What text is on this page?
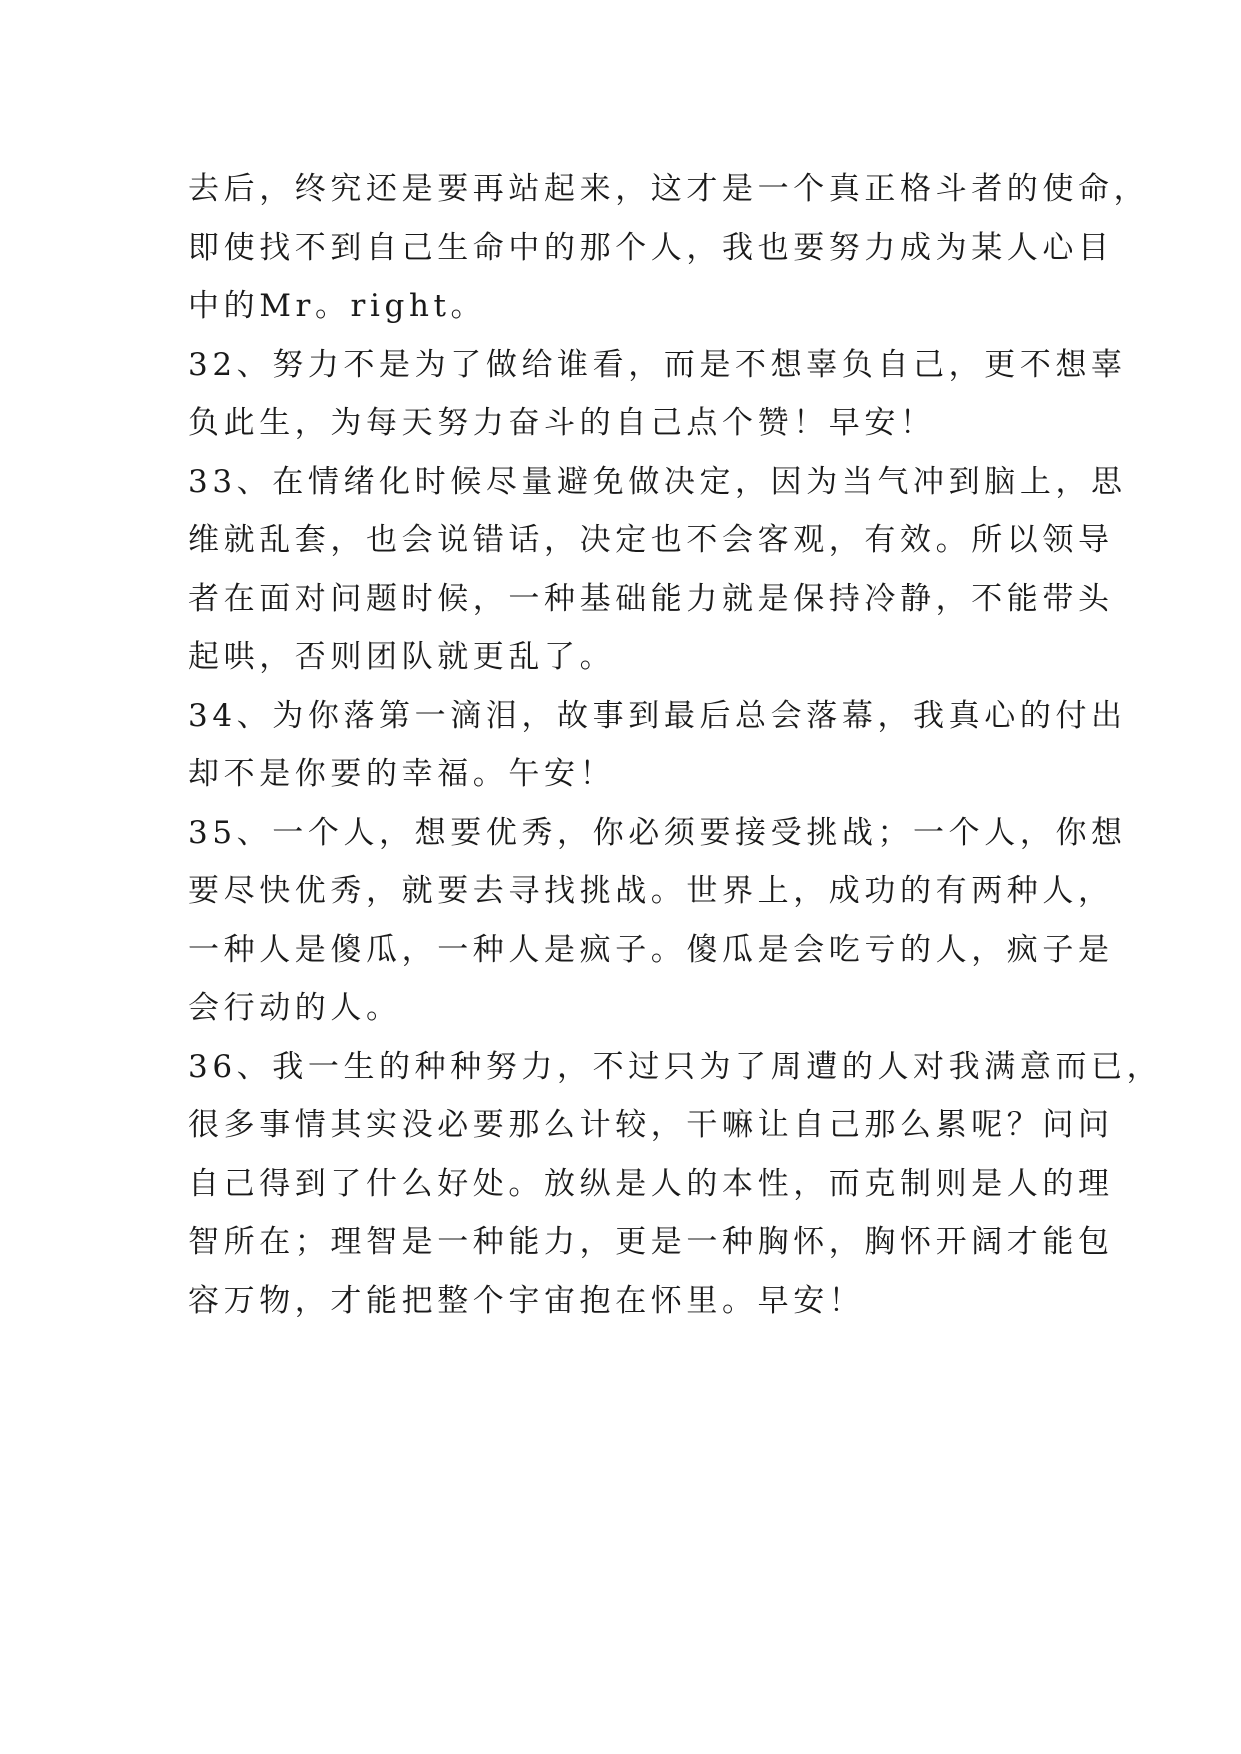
去后，终究还是要再站起来，这才是一个真正格斗者的使命，
即使找不到自己生命中的那个人，我也要努力成为某人心目
中的Mr。right。
32、努力不是为了做给谁看，而是不想辜负自己，更不想辜
负此生，为每天努力奋斗的自己点个赞！早安！
33、在情绪化时候尽量避免做决定，因为当气冲到脑上，思
维就乱套，也会说错话，决定也不会客观，有效。所以领导
者在面对问题时候，一种基础能力就是保持冷静，不能带头
起哄，否则团队就更乱了。
34、为你落第一滴泪，故事到最后总会落幕，我真心的付出
却不是你要的幸福。午安！
35、一个人，想要优秀，你必须要接受挑战；一个人，你想
要尽快优秀，就要去寻找挑战。世界上，成功的有两种人，
一种人是傻瓜，一种人是疯子。傻瓜是会吃亏的人，疯子是
会行动的人。
36、我一生的种种努力，不过只为了周遭的人对我满意而已，
很多事情其实没必要那么计较，干嘛让自己那么累呢？问问
自己得到了什么好处。放纵是人的本性，而克制则是人的理
智所在；理智是一种能力，更是一种胸怀，胸怀开阔才能包
容万物，才能把整个宇宙抱在怀里。早安！
